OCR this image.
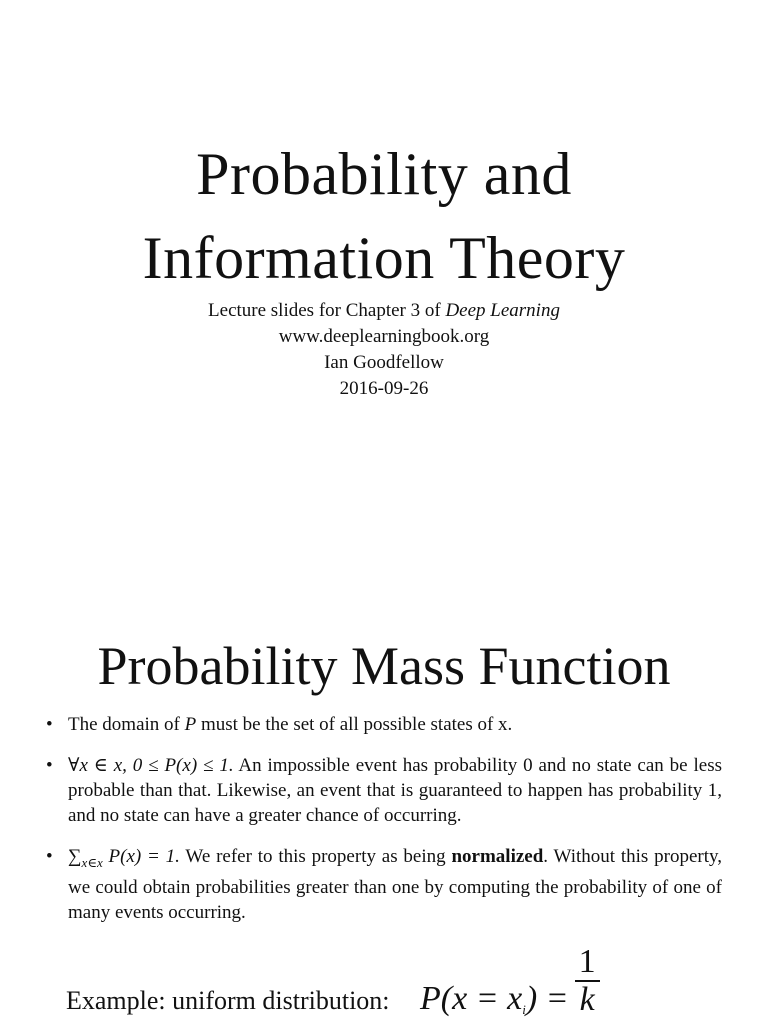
Probability and
Information Theory
Lecture slides for Chapter 3 of Deep Learning
www.deeplearningbook.org
Ian Goodfellow
2016-09-26
Probability Mass Function
• The domain of P must be the set of all possible states of x.
• ∀x ∈ x, 0 ≤ P(x) ≤ 1. An impossible event has probability 0 and no state can be less probable than that. Likewise, an event that is guaranteed to happen has probability 1, and no state can have a greater chance of occurring.
• $\sum_{x\in x}$ P(x) = 1. We refer to this property as being normalized. Without this property, we could obtain probabilities greater than one by computing the probability of one of many events occurring.
Example: uniform distribution: $P(x = x_i) = \frac{1}{k}$
